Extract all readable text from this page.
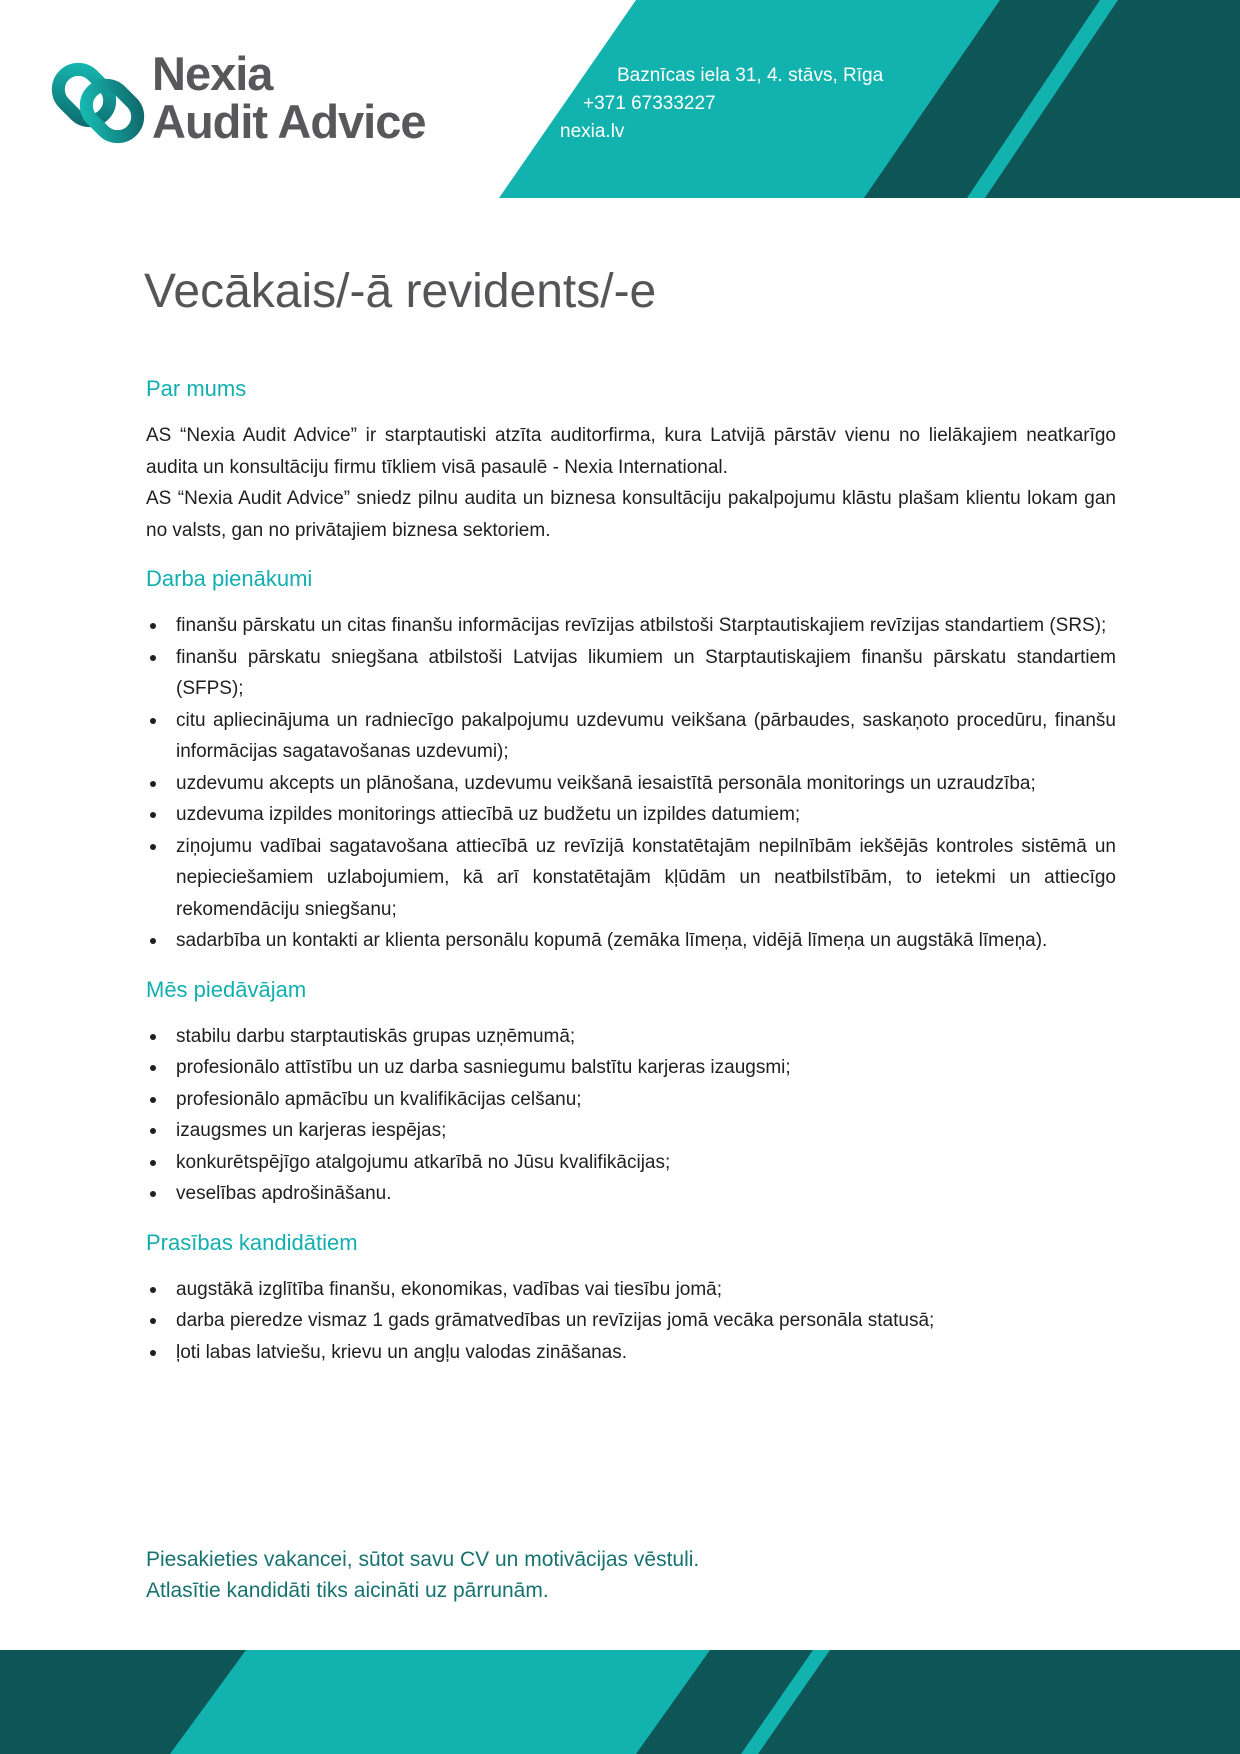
Nexia
Audit Advice
Baznīcas iela 31, 4. stāvs, Rīga
+371 67333227
nexia.lv
Vecākais/-ā revidents/-e
Par mums

AS “Nexia Audit Advice” ir starptautiski atzīta auditorfirma, kura Latvijā pārstāv vienu no lielākajiem neatkarīgo audita un konsultāciju firmu tīkliem visā pasaulē - Nexia International.

AS “Nexia Audit Advice” sniedz pilnu audita un biznesa konsultāciju pakalpojumu klāstu plašam klientu lokam gan no valsts, gan no privātajiem biznesa sektoriem.

Darba pienākumi
finanšu pārskatu un citas finanšu informācijas revīzijas atbilstoši Starptautiskajiem revīzijas standartiem (SRS);
finanšu pārskatu sniegšana atbilstoši Latvijas likumiem un Starptautiskajiem finanšu pārskatu standartiem (SFPS);
citu apliecinājuma un radniecīgo pakalpojumu uzdevumu veikšana (pārbaudes, saskaņoto procedūru, finanšu informācijas sagatavošanas uzdevumi);
uzdevumu akcepts un plānošana, uzdevumu veikšanā iesaistītā personāla monitorings un uzraudzība;
uzdevuma izpildes monitorings attiecībā uz budžetu un izpildes datumiem;
ziņojumu vadībai sagatavošana attiecībā uz revīzijā konstatētajām nepilnībām iekšējās kontroles sistēmā un nepieciešamiem uzlabojumiem, kā arī konstatētajām kļūdām un neatbilstībām, to ietekmi un attiecīgo rekomendāciju sniegšanu;
sadarbība un kontakti ar klienta personālu kopumā (zemāka līmeņa, vidējā līmeņa un augstākā līmeņa).
Mēs piedāvājam
stabilu darbu starptautiskās grupas uzņēmumā;
profesionālo attīstību un uz darba sasniegumu balstītu karjeras izaugsmi;
profesionālo apmācību un kvalifikācijas celšanu;
izaugsmes un karjeras iespējas;
konkurētspējīgo atalgojumu atkarībā no Jūsu kvalifikācijas;
veselības apdrošināšanu.
Prasības kandidātiem
augstākā izglītība finanšu, ekonomikas, vadības vai tiesību jomā;
darba pieredze vismaz 1 gads grāmatvedības un revīzijas jomā vecāka personāla statusā;
ļoti labas latviešu, krievu un angļu valodas zināšanas.
Piesakieties vakancei, sūtot savu CV un motivācijas vēstuli.
Atlasītie kandidāti tiks aicināti uz pārrunām.
